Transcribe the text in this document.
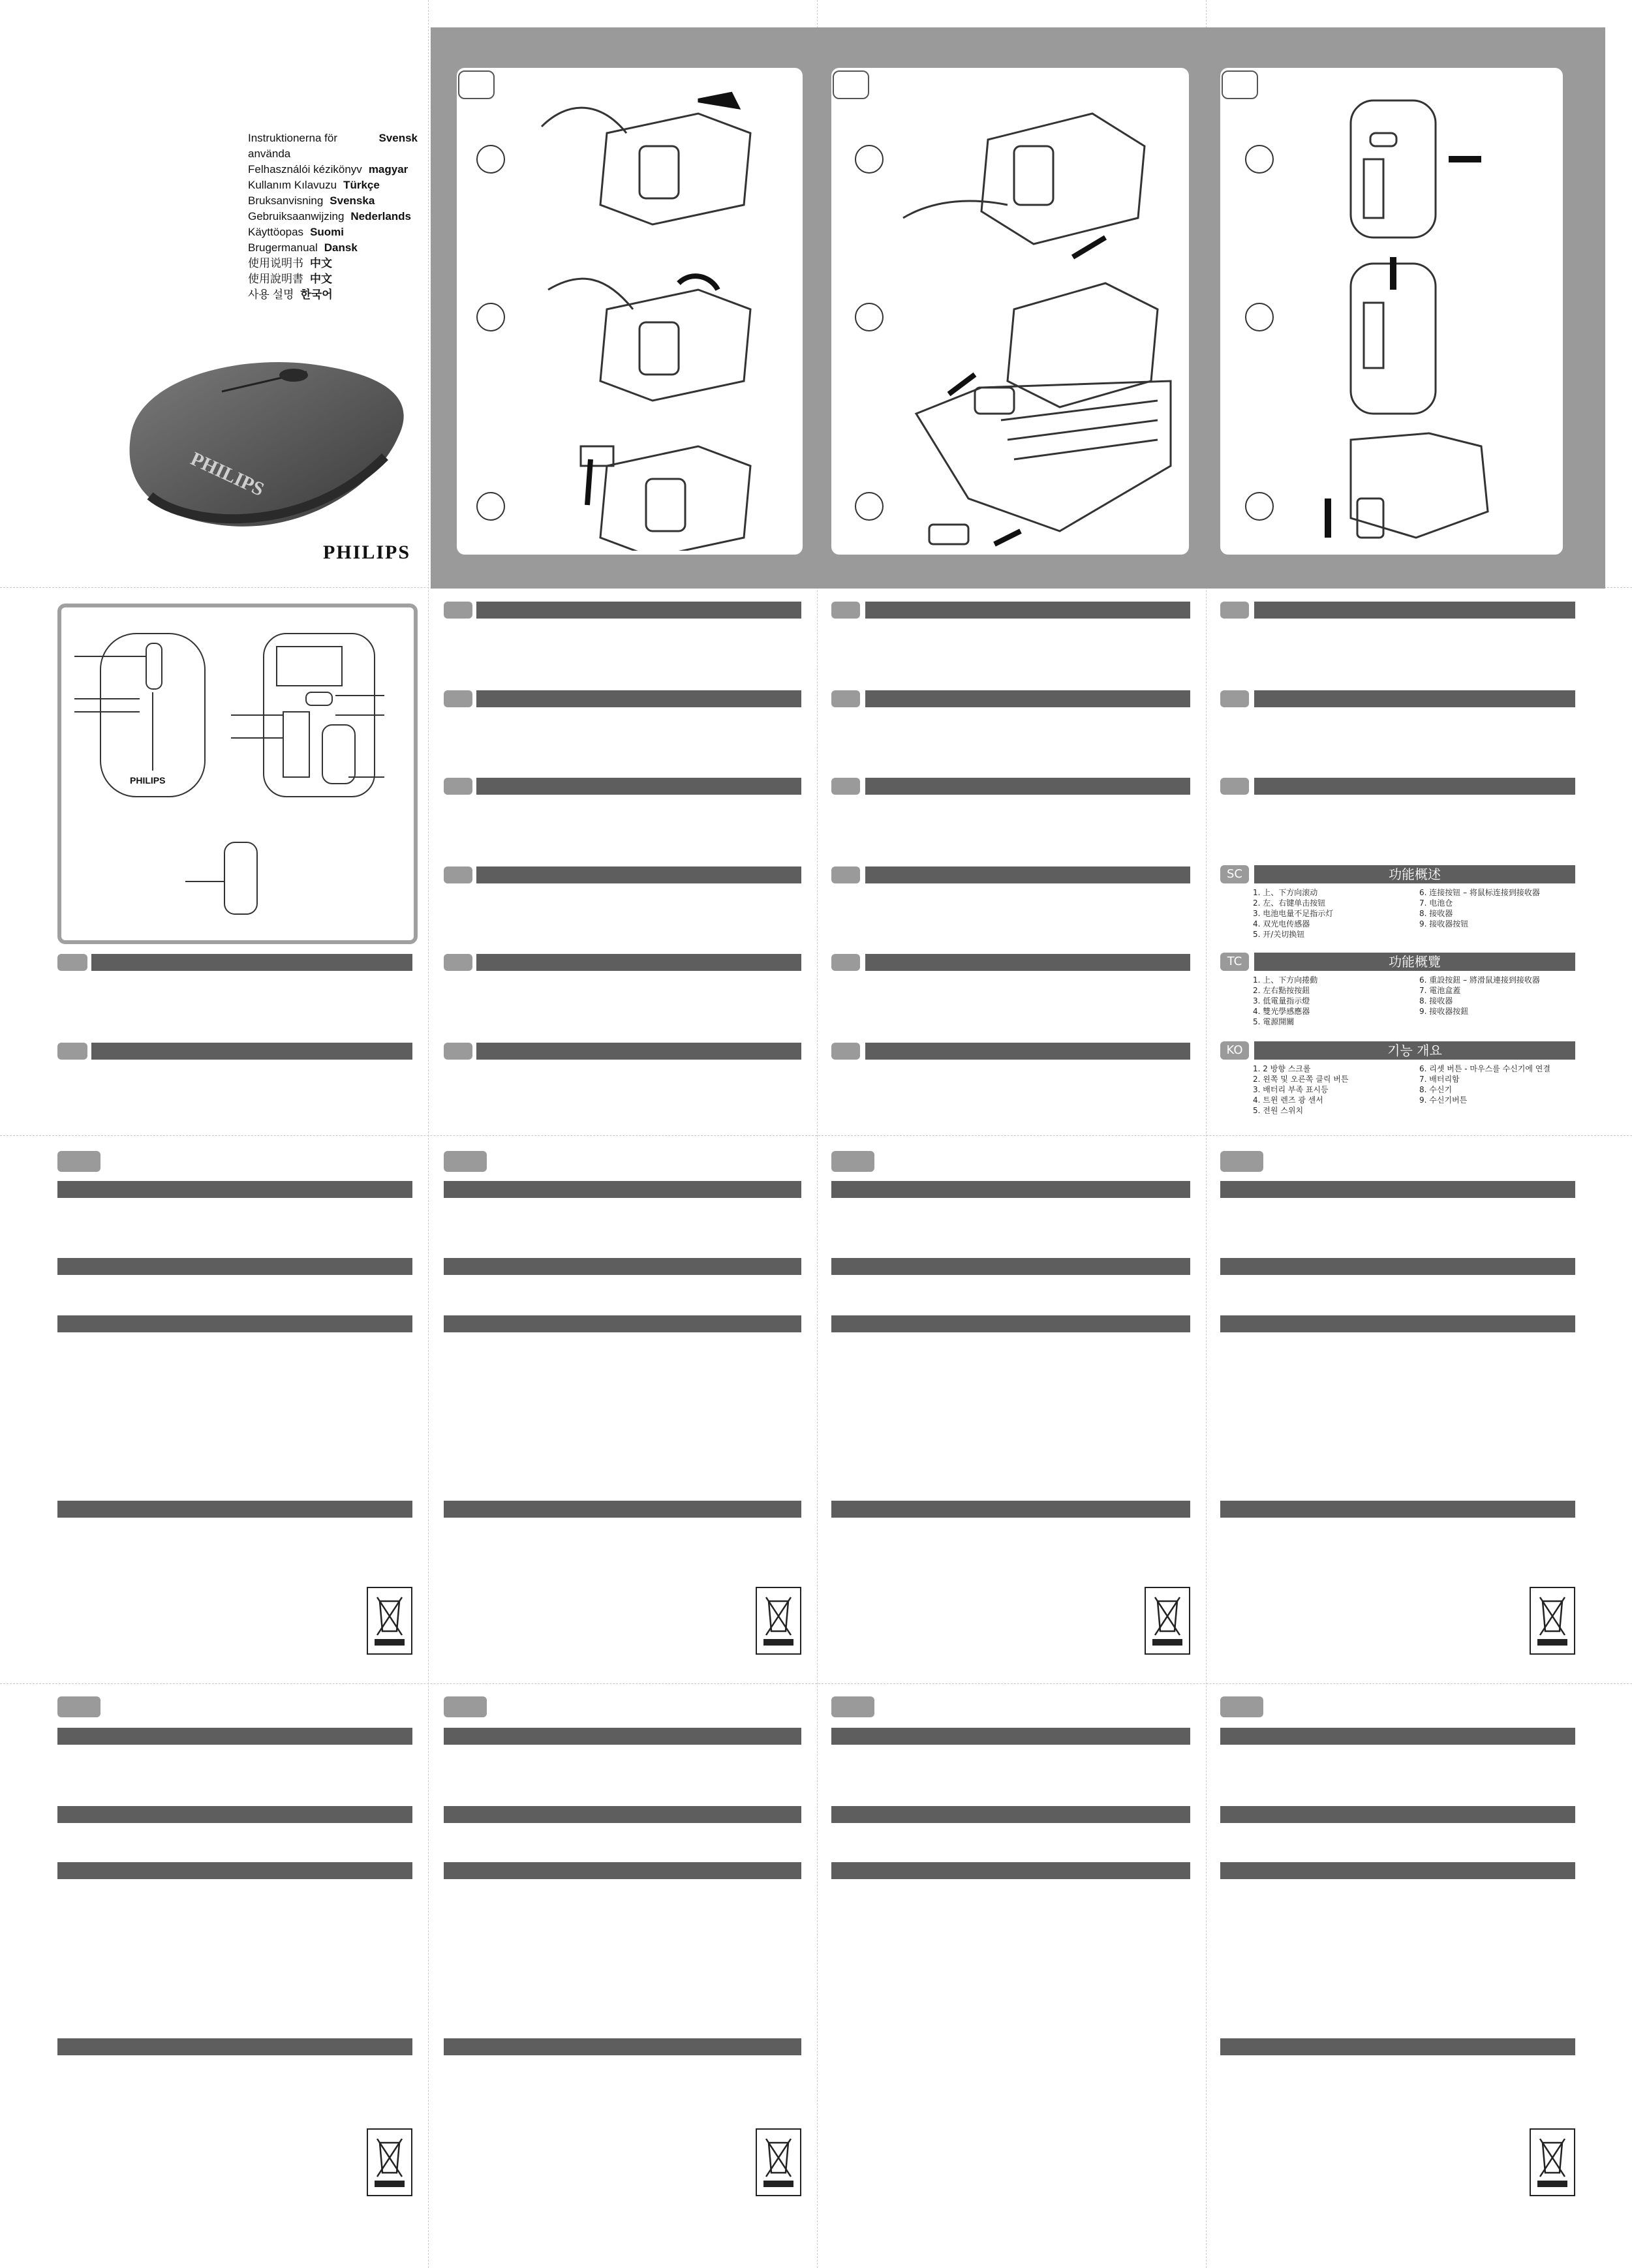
Instruktionerna för använda
Svensk
Felhasználói kézikönyv magyar
Kullanım Kılavuzu Türkçe
Bruksanvisning Svenska
Gebruiksaanwijzing Nederlands
Käyttöopas Suomi
Brugermanual Dansk
使用说明书 中文
使用說明書 中文
사용 설명 한국어
PHILIPS
PHILIPS
PHILIPS
SC	功能概述
1. 上、下方向滚动
2. 左、右键单击按钮
3. 电池电量不足指示灯
4. 双光电传感器
5. 开/关切换钮
6. 连接按钮 – 将鼠标连接到接收器
7. 电池仓
8. 接收器
9. 接收器按钮
TC	功能概覽
1. 上、下方向捲動
2. 左右點按按鈕
3. 低電量指示燈
4. 雙光學感應器
5. 電源開關
6. 重設按鈕 – 將滑鼠連接到接收器
7. 電池盒蓋
8. 接收器
9. 接收器按鈕
KO	기능 개요
1. 2 방향 스크롤
2. 왼쪽 및 오른쪽 클릭 버튼
3. 배터리 부족 표시등
4. 트윈 렌즈 광 센서
5. 전원 스위치
6. 리셋 버튼 - 마우스를 수신기에 연결
7. 배터리함
8. 수신기
9. 수신기버튼
